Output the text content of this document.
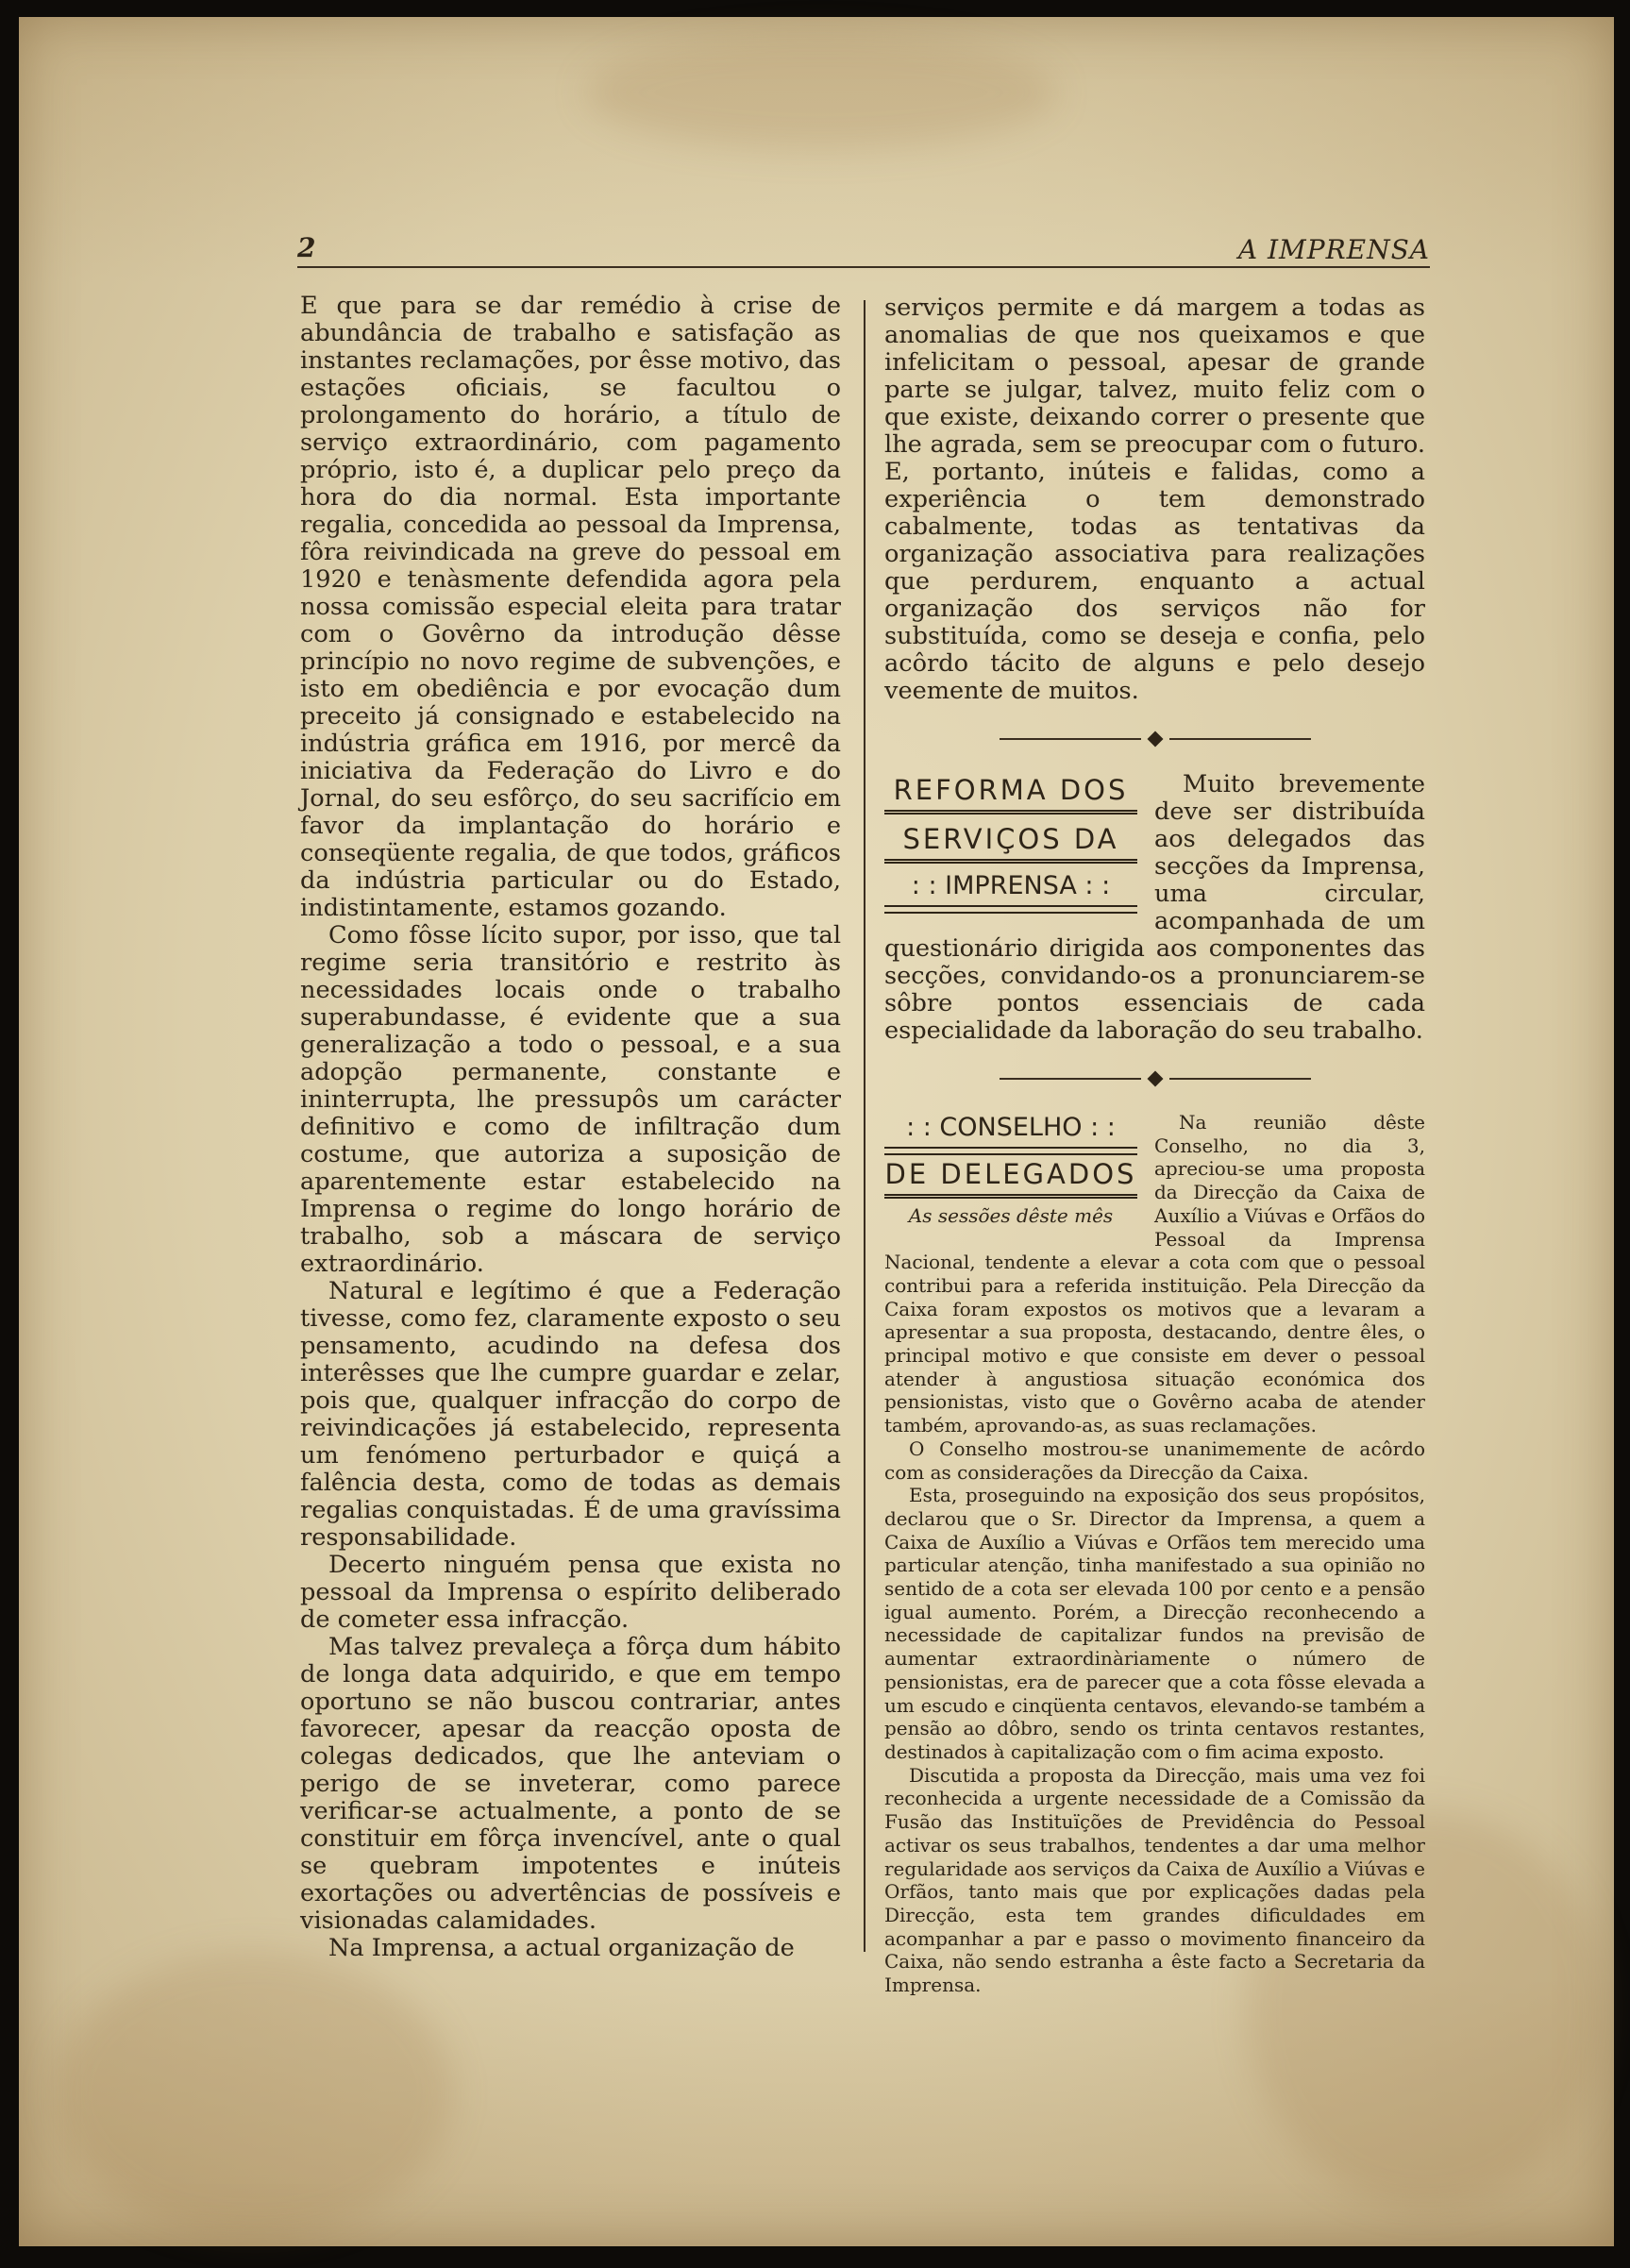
2	A IMPRENSA

E que para se dar remédio à crise de abundância de trabalho e satisfação as instantes reclamações, por êsse motivo, das estações oficiais, se facultou o prolongamento do horário, a título de serviço extraordinário, com pagamento próprio, isto é, a duplicar pelo preço da hora do dia normal. Esta importante regalia, concedida ao pessoal da Imprensa, fôra reivindicada na greve do pessoal em 1920 e tenàsmente defendida agora pela nossa comissão especial eleita para tratar com o Govêrno da introdução dêsse princípio no novo regime de subvenções, e isto em obediência e por evocação dum preceito já consignado e estabelecido na indústria gráfica em 1916, por mercê da iniciativa da Federação do Livro e do Jornal, do seu esfôrço, do seu sacrifício em favor da implantação do horário e conseqüente regalia, de que todos, gráficos da indústria particular ou do Estado, indistintamente, estamos gozando.

Como fôsse lícito supor, por isso, que tal regime seria transitório e restrito às necessidades locais onde o trabalho superabundasse, é evidente que a sua generalização a todo o pessoal, e a sua adopção permanente, constante e ininterrupta, lhe pressupôs um carácter definitivo e como de infiltração dum costume, que autoriza a suposição de aparentemente estar estabelecido na Imprensa o regime do longo horário de trabalho, sob a máscara de serviço extraordinário.

Natural e legítimo é que a Federação tivesse, como fez, claramente exposto o seu pensamento, acudindo na defesa dos interêsses que lhe cumpre guardar e zelar, pois que, qualquer infracção do corpo de reivindicações já estabelecido, representa um fenómeno perturbador e quiçá a falência desta, como de todas as demais regalias conquistadas. É de uma gravíssima responsabilidade.

Decerto ninguém pensa que exista no pessoal da Imprensa o espírito deliberado de cometer essa infracção.

Mas talvez prevaleça a fôrça dum hábito de longa data adquirido, e que em tempo oportuno se não buscou contrariar, antes favorecer, apesar da reacção oposta de colegas dedicados, que lhe anteviam o perigo de se inveterar, como parece verificar-se actualmente, a ponto de se constituir em fôrça invencível, ante o qual se quebram impotentes e inúteis exortações ou advertências de possíveis e visionadas calamidades.

Na Imprensa, a actual organização de

serviços permite e dá margem a todas as anomalias de que nos queixamos e que infelicitam o pessoal, apesar de grande parte se julgar, talvez, muito feliz com o que existe, deixando correr o presente que lhe agrada, sem se preocupar com o futuro. E, portanto, inúteis e falidas, como a experiência o tem demonstrado cabalmente, todas as tentativas da organização associativa para realizações que perdurem, enquanto a actual organização dos serviços não for substituída, como se deseja e confia, pelo acôrdo tácito de alguns e pelo desejo veemente de muitos.

REFORMA DOS
SERVIÇOS DA
: : IMPRENSA : :

Muito brevemente deve ser distribuída aos delegados das secções da Imprensa, uma circular, acompanhada de um questionário dirigida aos componentes das secções, convidando-os a pronunciarem-se sôbre pontos essenciais de cada especialidade da laboração do seu trabalho.

: : CONSELHO : :
DE DELEGADOS
As sessões dêste mês

Na reunião dêste Conselho, no dia 3, apreciou-se uma proposta da Direcção da Caixa de Auxílio a Viúvas e Orfãos do Pessoal da Imprensa Nacional, tendente a elevar a cota com que o pessoal contribui para a referida instituição. Pela Direcção da Caixa foram expostos os motivos que a levaram a apresentar a sua proposta, destacando, dentre êles, o principal motivo e que consiste em dever o pessoal atender à angustiosa situação económica dos pensionistas, visto que o Govêrno acaba de atender também, aprovando-as, as suas reclamações.

O Conselho mostrou-se unanimemente de acôrdo com as considerações da Direcção da Caixa.

Esta, proseguindo na exposição dos seus propósitos, declarou que o Sr. Director da Imprensa, a quem a Caixa de Auxílio a Viúvas e Orfãos tem merecido uma particular atenção, tinha manifestado a sua opinião no sentido de a cota ser elevada 100 por cento e a pensão igual aumento. Porém, a Direcção reconhecendo a necessidade de capitalizar fundos na previsão de aumentar extraordinàriamente o número de pensionistas, era de parecer que a cota fôsse elevada a um escudo e cinqüenta centavos, elevando-se também a pensão ao dôbro, sendo os trinta centavos restantes, destinados à capitalização com o fim acima exposto.

Discutida a proposta da Direcção, mais uma vez foi reconhecida a urgente necessidade de a Comissão da Fusão das Instituïções de Previdência do Pessoal activar os seus trabalhos, tendentes a dar uma melhor regularidade aos serviços da Caixa de Auxílio a Viúvas e Orfãos, tanto mais que por explicações dadas pela Direcção, esta tem grandes dificuldades em acompanhar a par e passo o movimento financeiro da Caixa, não sendo estranha a êste facto a Secretaria da Imprensa.
